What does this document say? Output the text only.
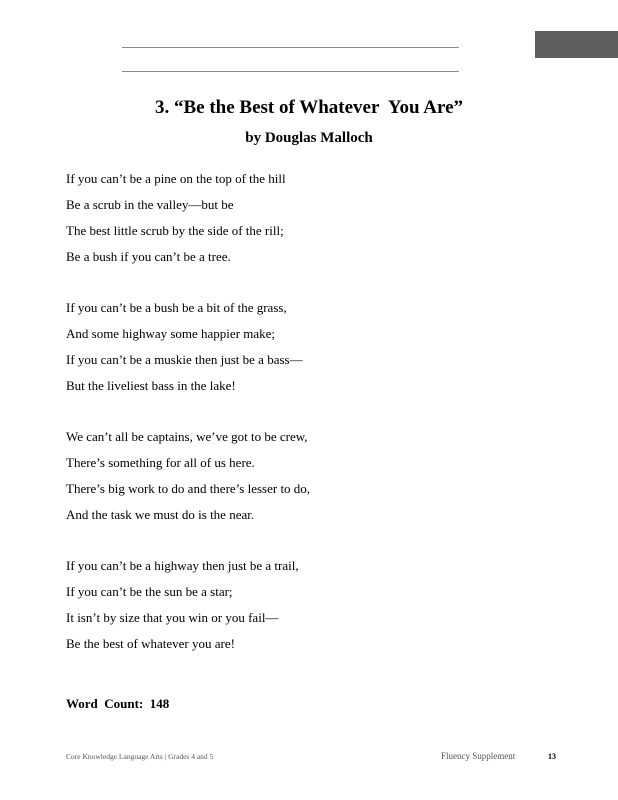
3. “Be the Best of Whatever  You Are”
by Douglas Malloch
If you can’t be a pine on the top of the hill
Be a scrub in the valley—but be
The best little scrub by the side of the rill;
Be a bush if you can’t be a tree.
If you can’t be a bush be a bit of the grass,
And some highway some happier make;
If you can’t be a muskie then just be a bass—
But the liveliest bass in the lake!
We can’t all be captains, we’ve got to be crew,
There’s something for all of us here.
There’s big work to do and there’s lesser to do,
And the task we must do is the near.
If you can’t be a highway then just be a trail,
If you can’t be the sun be a star;
It isn’t by size that you win or you fail—
Be the best of whatever you are!
Word  Count:  148
Core Knowledge Language Arts | Grades 4 and 5	Fluency Supplement	13
